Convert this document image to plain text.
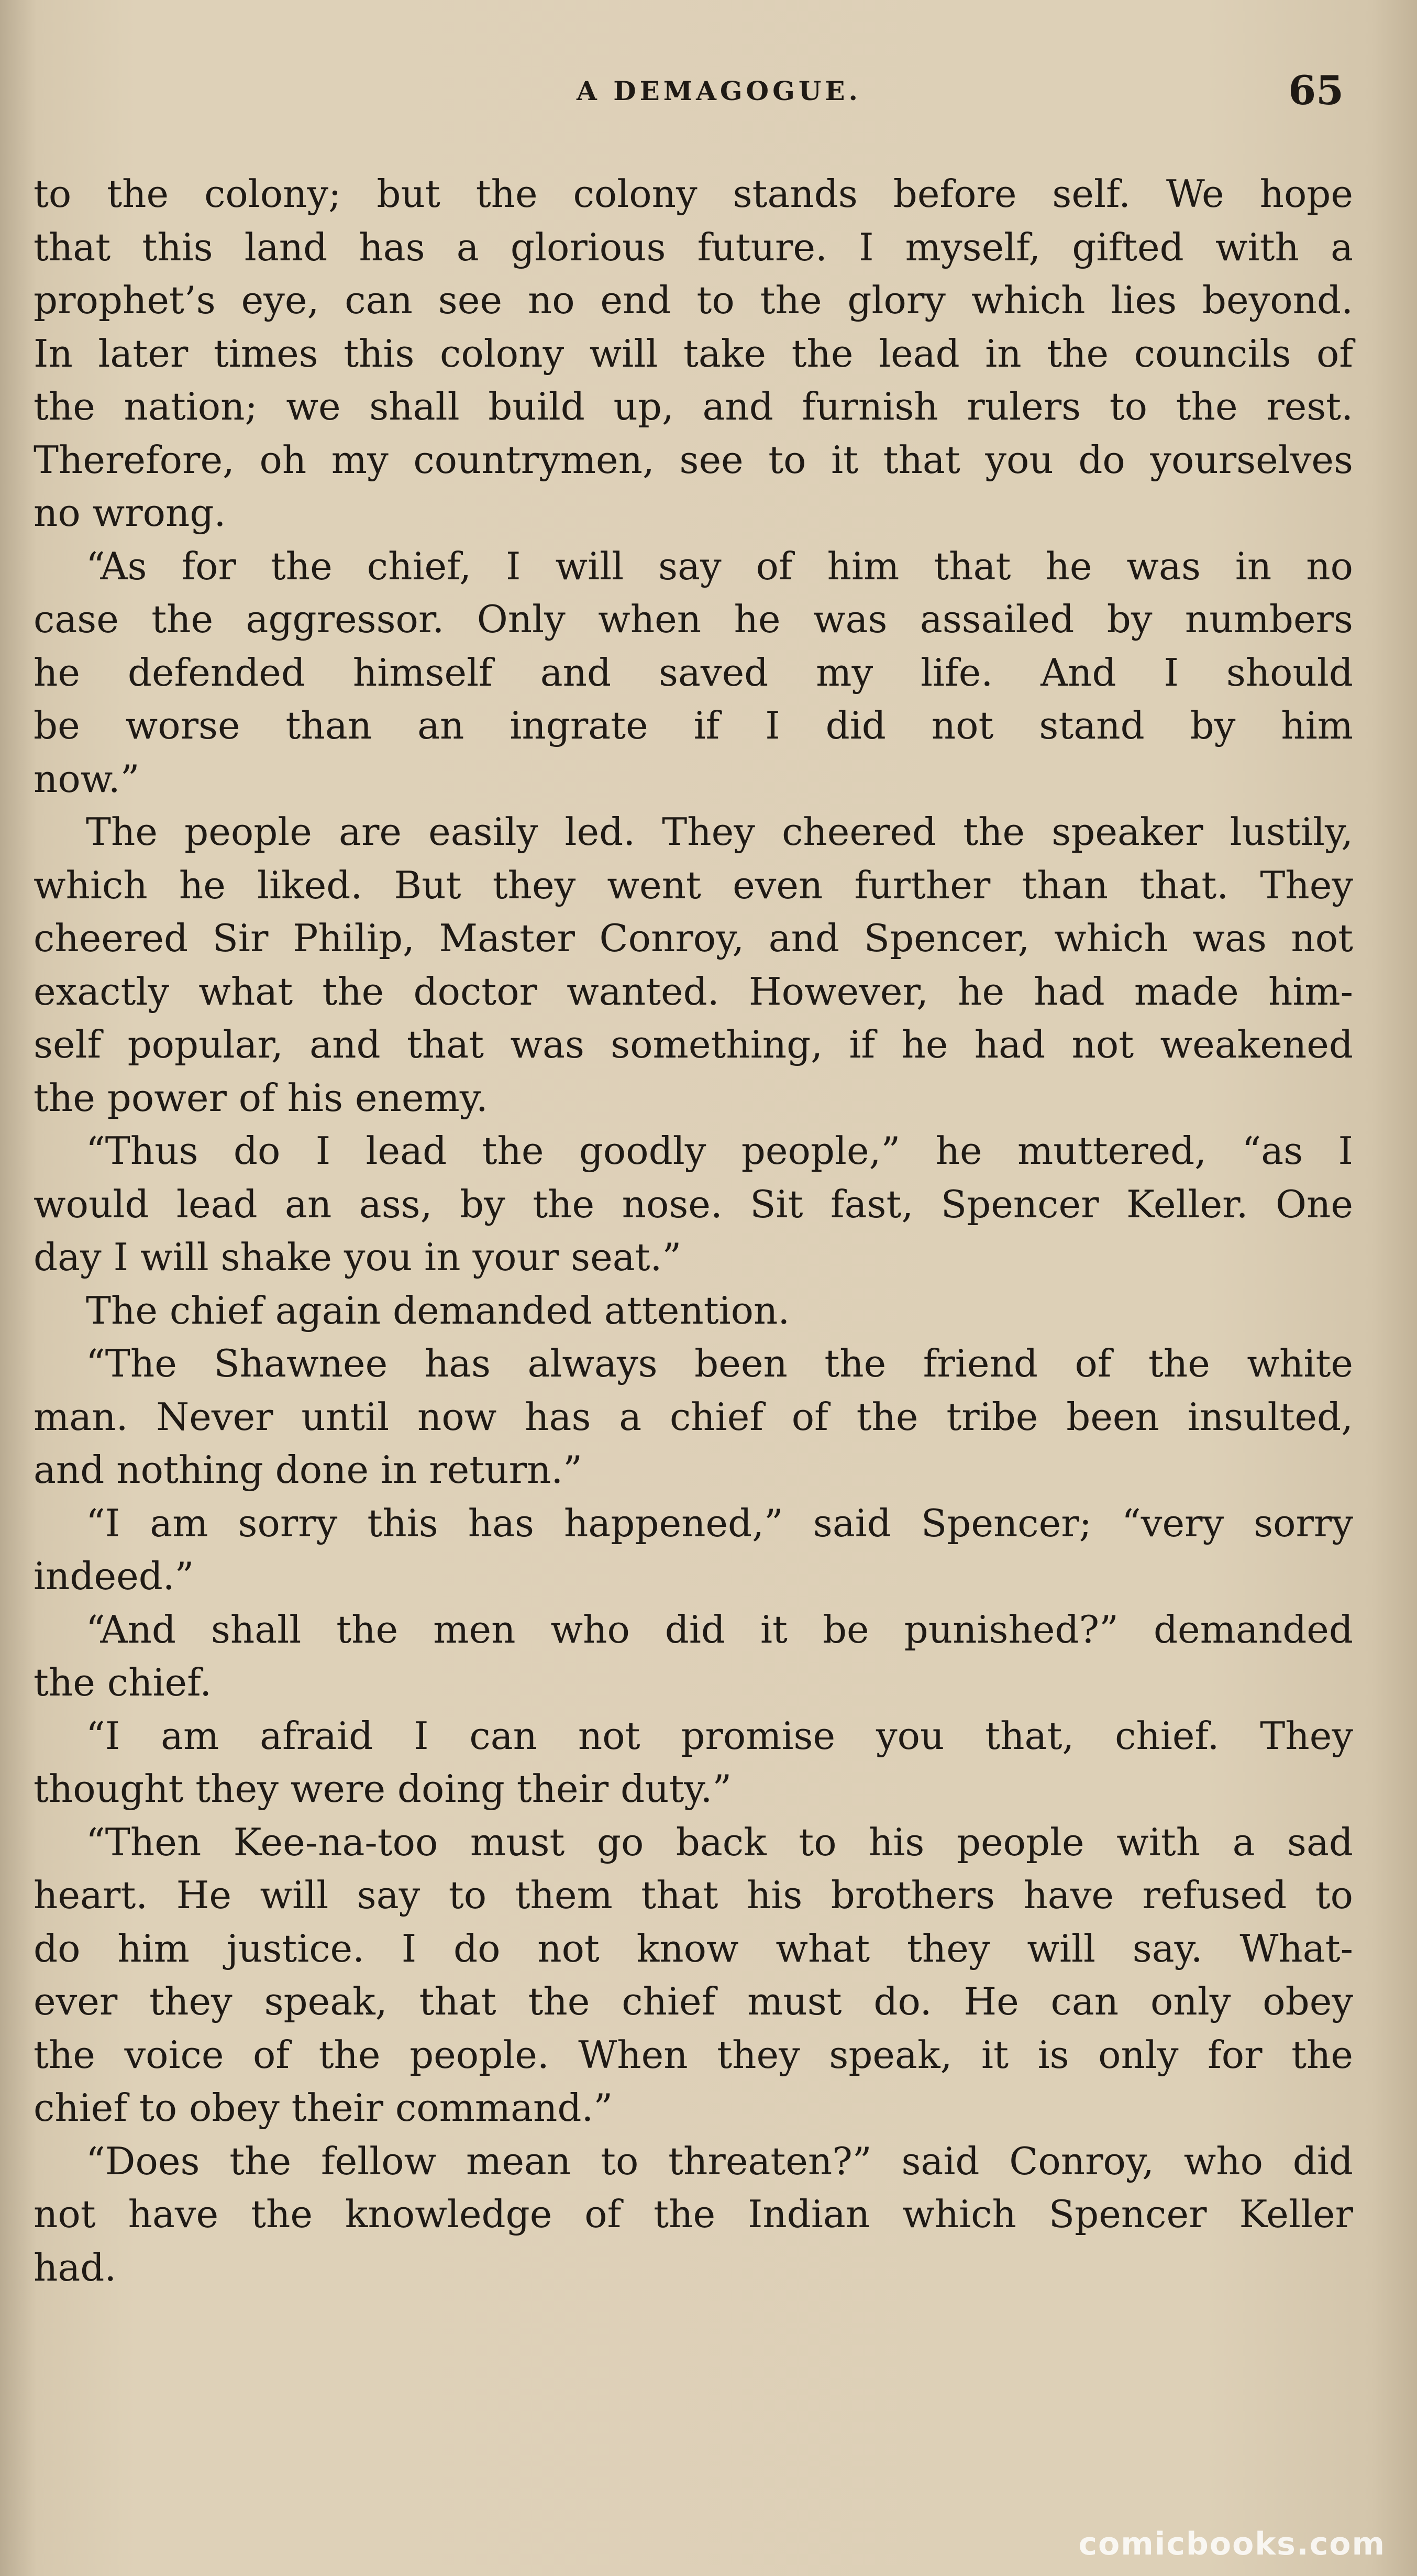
A DEMAGOGUE.	65
to the colony; but the colony stands before self. We hope
that this land has a glorious future. I myself, gifted with a
prophet’s eye, can see no end to the glory which lies beyond.
In later times this colony will take the lead in the councils of
the nation; we shall build up, and furnish rulers to the rest.
Therefore, oh my countrymen, see to it that you do yourselves
no wrong.
“As for the chief, I will say of him that he was in no
case the aggressor. Only when he was assailed by numbers
he defended himself and saved my life. And I should
be worse than an ingrate if I did not stand by him
now.”
The people are easily led. They cheered the speaker lustily,
which he liked. But they went even further than that. They
cheered Sir Philip, Master Conroy, and Spencer, which was not
exactly what the doctor wanted. However, he had made him-
self popular, and that was something, if he had not weakened
the power of his enemy.
“Thus do I lead the goodly people,” he muttered, “as I
would lead an ass, by the nose. Sit fast, Spencer Keller. One
day I will shake you in your seat.”
The chief again demanded attention.
“The Shawnee has always been the friend of the white
man. Never until now has a chief of the tribe been insulted,
and nothing done in return.”
“I am sorry this has happened,” said Spencer; “very sorry
indeed.”
“And shall the men who did it be punished?” demanded
the chief.
“I am afraid I can not promise you that, chief. They
thought they were doing their duty.”
“Then Kee-na-too must go back to his people with a sad
heart. He will say to them that his brothers have refused to
do him justice. I do not know what they will say. What-
ever they speak, that the chief must do. He can only obey
the voice of the people. When they speak, it is only for the
chief to obey their command.”
“Does the fellow mean to threaten?” said Conroy, who did
not have the knowledge of the Indian which Spencer Keller
had.
comicbooks.com
